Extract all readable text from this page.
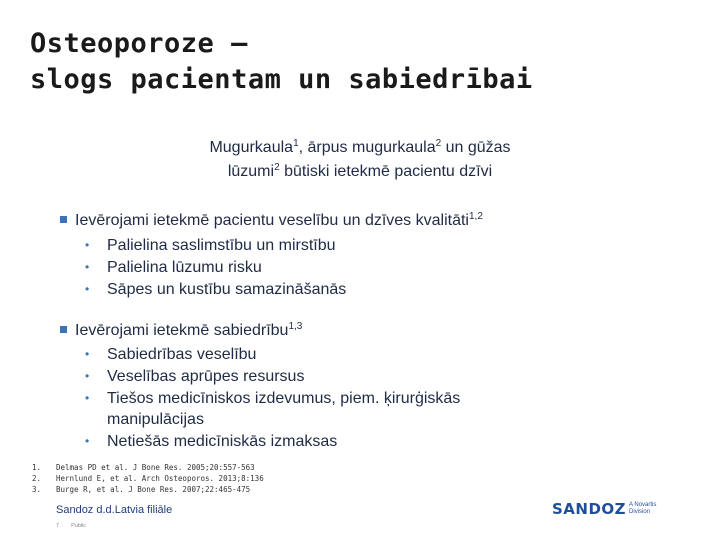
Osteoporoze –
slogs pacientam un sabiedrībai
Mugurkaula$^1$, ārpus mugurkaula$^2$ un gūžas
lūzumi$^2$ būtiski ietekmē pacientu dzīvi
Ievērojami ietekmē pacientu veselību un dzīves kvalitāti$^{1,2}$
•	Palielina saslimstību un mirstību
•	Palielina lūzumu risku
•	Sāpes un kustību samazināšanās
Ievērojami ietekmē sabiedrību$^{1,3}$
•	Sabiedrības veselību
•	Veselības aprūpes resursus
•	Tiešos medicīniskos izdevumus, piem. ķirurģiskās
manipulācijas
•	Netiešās medicīniskās izmaksas
1. Delmas PD et al. J Bone Res. 2005;20:557-563
2. Hernlund E, et al. Arch Osteoporos. 2013;8:136
3. Burge R, et al. J Bone Res. 2007;22:465-475
Sandoz d.d.Latvia filiāle
7 Public
SANDOZ A Novartis
Division
